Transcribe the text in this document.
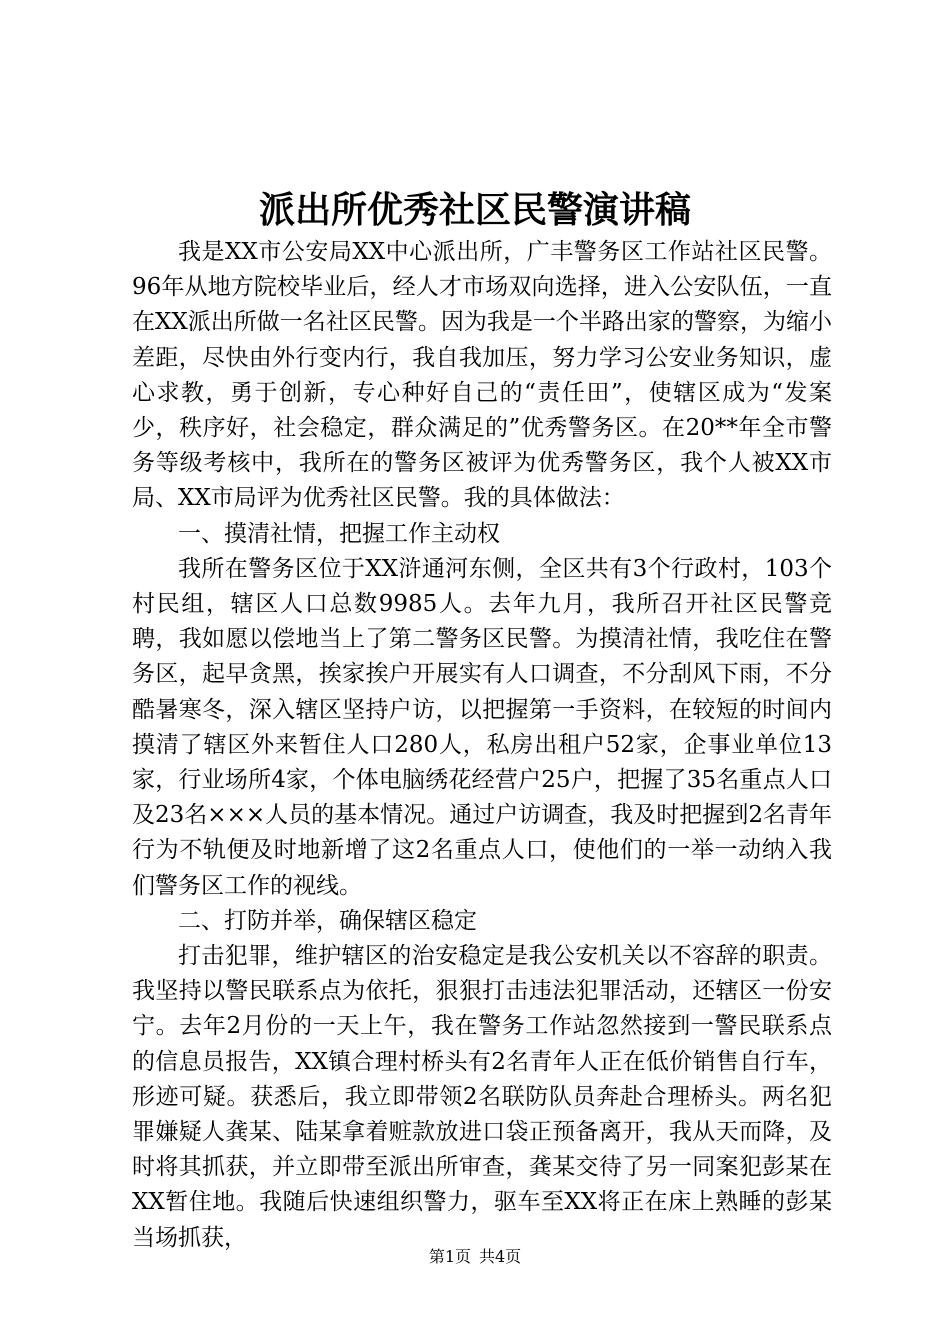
派出所优秀社区民警演讲稿

我是XX市公安局XX中心派出所，广丰警务区工作站社区民警。96年从地方院校毕业后，经人才市场双向选择，进入公安队伍，一直在XX派出所做一名社区民警。因为我是一个半路出家的警察，为缩小差距，尽快由外行变内行，我自我加压，努力学习公安业务知识，虚心求教，勇于创新，专心种好自己的“责任田”，使辖区成为“发案少，秩序好，社会稳定，群众满足的”优秀警务区。在20**年全市警务等级考核中，我所在的警务区被评为优秀警务区，我个人被XX市局、XX市局评为优秀社区民警。我的具体做法：

一、摸清社情，把握工作主动权

我所在警务区位于XX浒通河东侧，全区共有3个行政村，103个村民组，辖区人口总数9985人。去年九月，我所召开社区民警竞聘，我如愿以偿地当上了第二警务区民警。为摸清社情，我吃住在警务区，起早贪黑，挨家挨户开展实有人口调查，不分刮风下雨，不分酷暑寒冬，深入辖区坚持户访，以把握第一手资料，在较短的时间内摸清了辖区外来暂住人口280人，私房出租户52家，企事业单位13家，行业场所4家，个体电脑绣花经营户25户，把握了35名重点人口及23名×××人员的基本情况。通过户访调查，我及时把握到2名青年行为不轨便及时地新增了这2名重点人口，使他们的一举一动纳入我们警务区工作的视线。

二、打防并举，确保辖区稳定

打击犯罪，维护辖区的治安稳定是我公安机关以不容辞的职责。我坚持以警民联系点为依托，狠狠打击违法犯罪活动，还辖区一份安宁。去年2月份的一天上午，我在警务工作站忽然接到一警民联系点的信息员报告，XX镇合理村桥头有2名青年人正在低价销售自行车，形迹可疑。获悉后，我立即带领2名联防队员奔赴合理桥头。两名犯罪嫌疑人龚某、陆某拿着赃款放进口袋正预备离开，我从天而降，及时将其抓获，并立即带至派出所审查，龚某交待了另一同案犯彭某在XX暂住地。我随后快速组织警力，驱车至XX将正在床上熟睡的彭某当场抓获，

第1页 共4页
